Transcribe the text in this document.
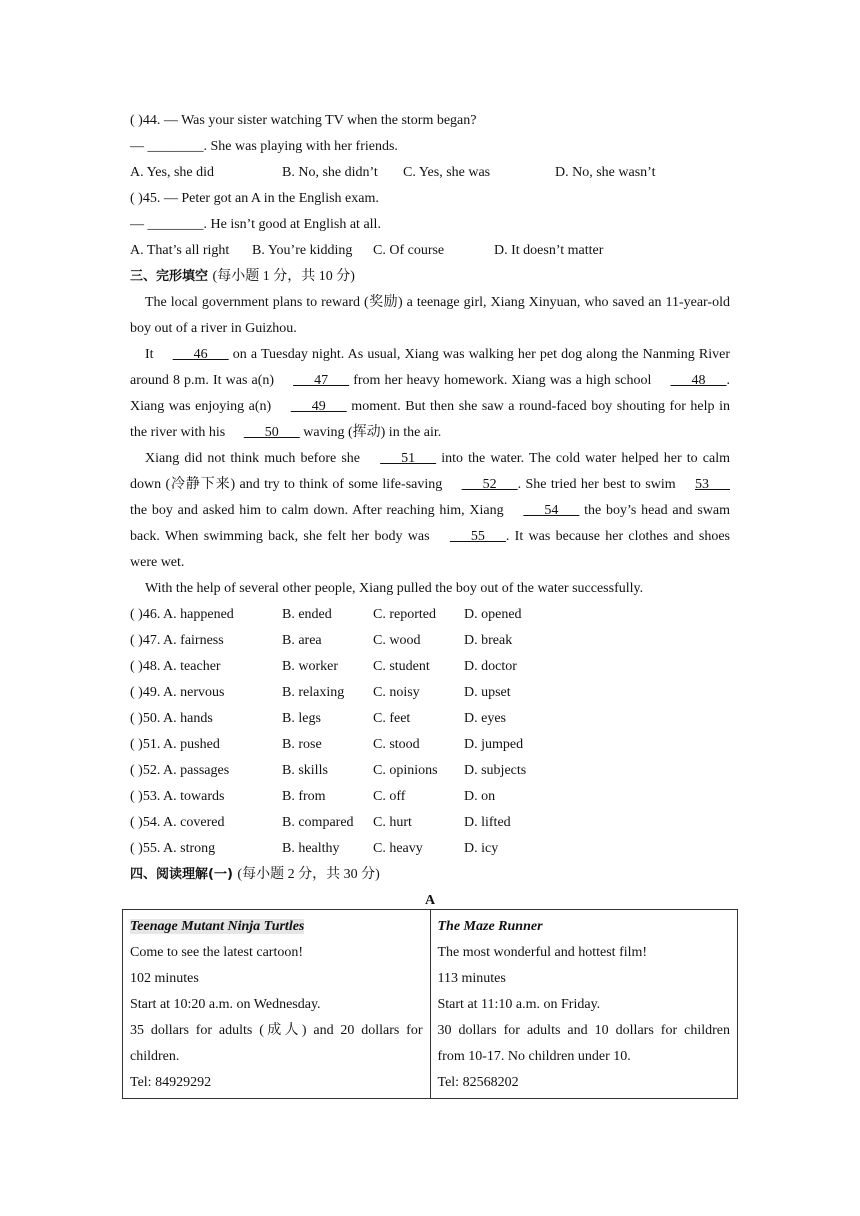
( )44. — Was your sister watching TV when the storm began?
— ________. She was playing with her friends.
A. Yes, she did	B. No, she didn’t C. Yes, she was	D. No, she wasn’t
( )45. — Peter got an A in the English exam.
— ________. He isn’t good at English at all.
A. That’s all right B. You’re kidding C. Of course	D. It doesn’t matter
三、完形填空 (每小题 1 分，共 10 分)
The local government plans to reward (奖励) a teenage girl, Xiang Xinyuan, who saved an 11-year-old boy out of a river in Guizhou.
It       46       on a Tuesday night. As usual, Xiang was walking her pet dog along the Nanming River around 8 p.m. It was a(n)       47       from her heavy homework. Xiang was a high school       48      . Xiang was enjoying a(n)       49       moment. But then she saw a round-faced boy shouting for help in the river with his       50       waving (挥动) in the air.
Xiang did not think much before she       51       into the water. The cold water helped her to calm down (冷静下来) and try to think of some life-saving       52      . She tried her best to swim 53       the boy and asked him to calm down. After reaching him, Xiang       54       the boy’s head and swam back. When swimming back, she felt her body was       55      . It was because her clothes and shoes were wet.
With the help of several other people, Xiang pulled the boy out of the water successfully.
( )46. A. happened	B. ended	C. reported D. opened
( )47. A. fairness	B. area	C. wood	D. break
( )48. A. teacher	B. worker	C. student D. doctor
( )49. A. nervous	B. relaxing C. noisy	D. upset
( )50. A. hands	B. legs	C. feet	D. eyes
( )51. A. pushed	B. rose	C. stood	D. jumped
( )52. A. passages	B. skills	C. opinions D. subjects
( )53. A. towards	B. from	C. off	D. on
( )54. A. covered	B. compared C. hurt	D. lifted
( )55. A. strong	B. healthy C. heavy	D. icy
四、阅读理解(一) (每小题 2 分，共 30 分)
A
Teenage Mutant Ninja Turtles
Come to see the latest cartoon!
102 minutes
Start at 10:20 a.m. on Wednesday.
35 dollars for adults (成人) and 20 dollars for children.
Tel: 84929292

The Maze Runner
The most wonderful and hottest film!
113 minutes
Start at 11:10 a.m. on Friday.
30 dollars for adults and 10 dollars for children from 10-17. No children under 10.
Tel: 82568202
